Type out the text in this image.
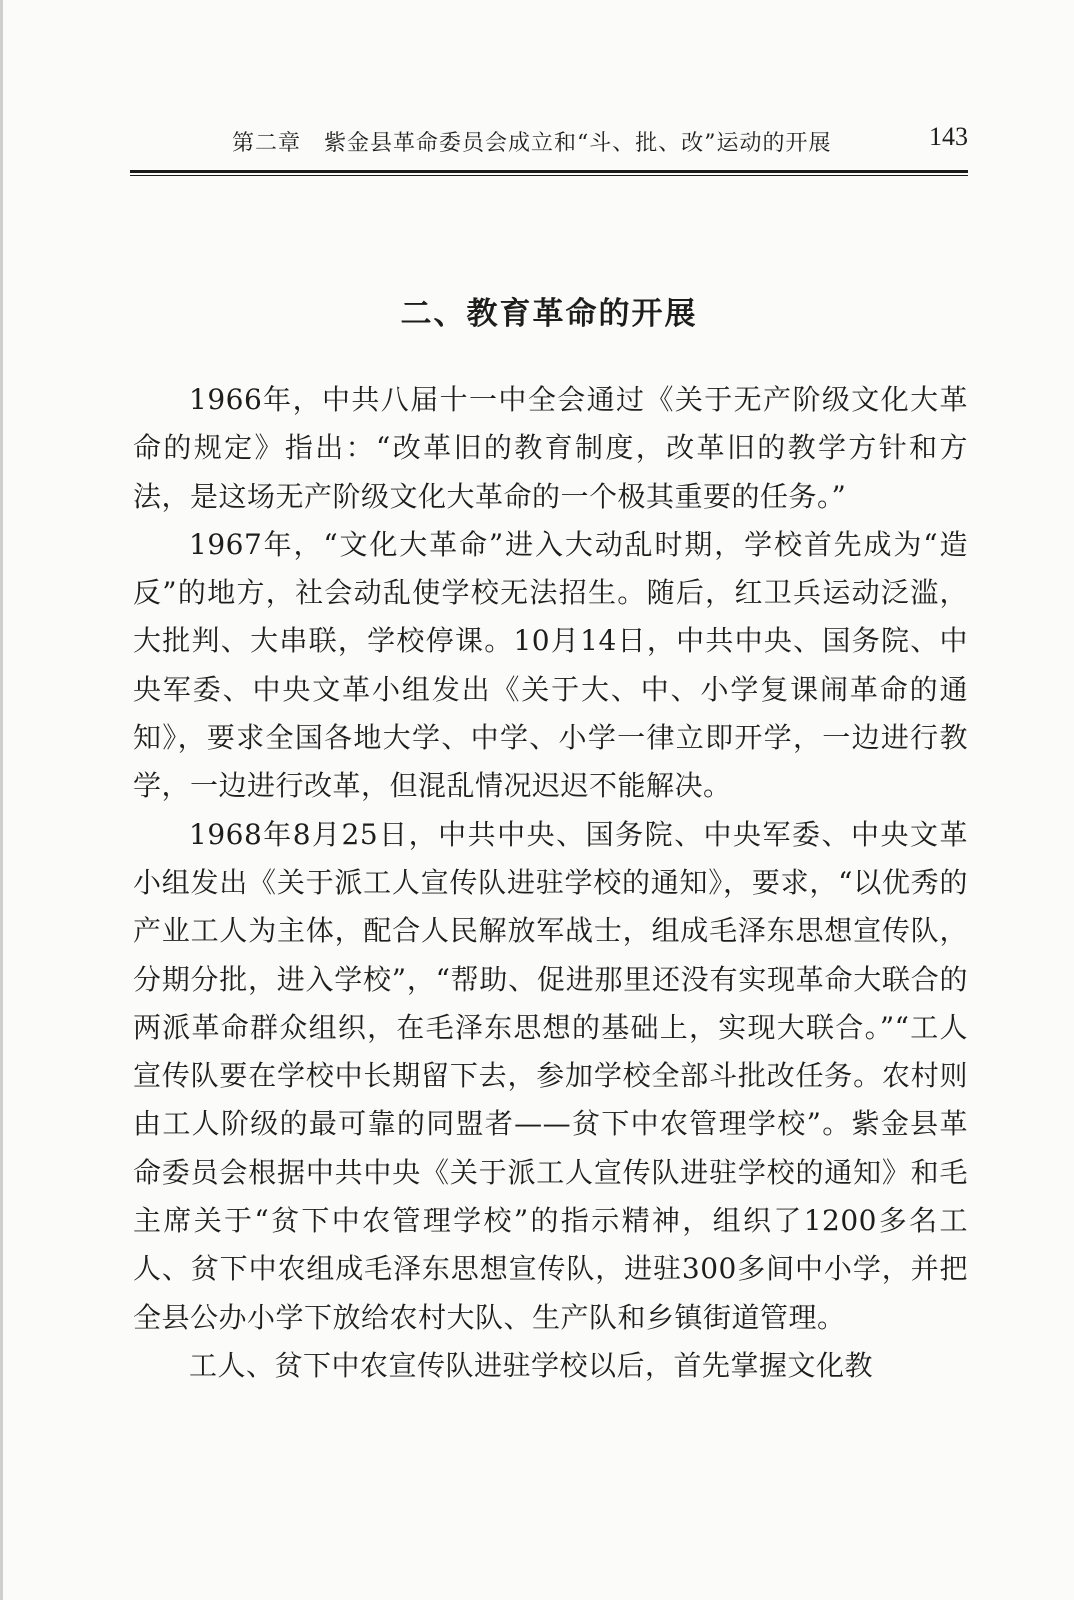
第二章　紫金县革命委员会成立和“斗、批、改”运动的开展	143
二、教育革命的开展

1966年，中共八届十一中全会通过《关于无产阶级文化大革命的规定》指出：“改革旧的教育制度，改革旧的教学方针和方法，是这场无产阶级文化大革命的一个极其重要的任务。”

1967年，“文化大革命”进入大动乱时期，学校首先成为“造反”的地方，社会动乱使学校无法招生。随后，红卫兵运动泛滥，大批判、大串联，学校停课。10月14日，中共中央、国务院、中央军委、中央文革小组发出《关于大、中、小学复课闹革命的通知》，要求全国各地大学、中学、小学一律立即开学，一边进行教学，一边进行改革，但混乱情况迟迟不能解决。

1968年8月25日，中共中央、国务院、中央军委、中央文革小组发出《关于派工人宣传队进驻学校的通知》，要求，“以优秀的产业工人为主体，配合人民解放军战士，组成毛泽东思想宣传队，分期分批，进入学校”，“帮助、促进那里还没有实现革命大联合的两派革命群众组织，在毛泽东思想的基础上，实现大联合。”“工人宣传队要在学校中长期留下去，参加学校全部斗批改任务。农村则由工人阶级的最可靠的同盟者——贫下中农管理学校”。紫金县革命委员会根据中共中央《关于派工人宣传队进驻学校的通知》和毛主席关于“贫下中农管理学校”的指示精神，组织了1200多名工人、贫下中农组成毛泽东思想宣传队，进驻300多间中小学，并把全县公办小学下放给农村大队、生产队和乡镇街道管理。

工人、贫下中农宣传队进驻学校以后，首先掌握文化教
